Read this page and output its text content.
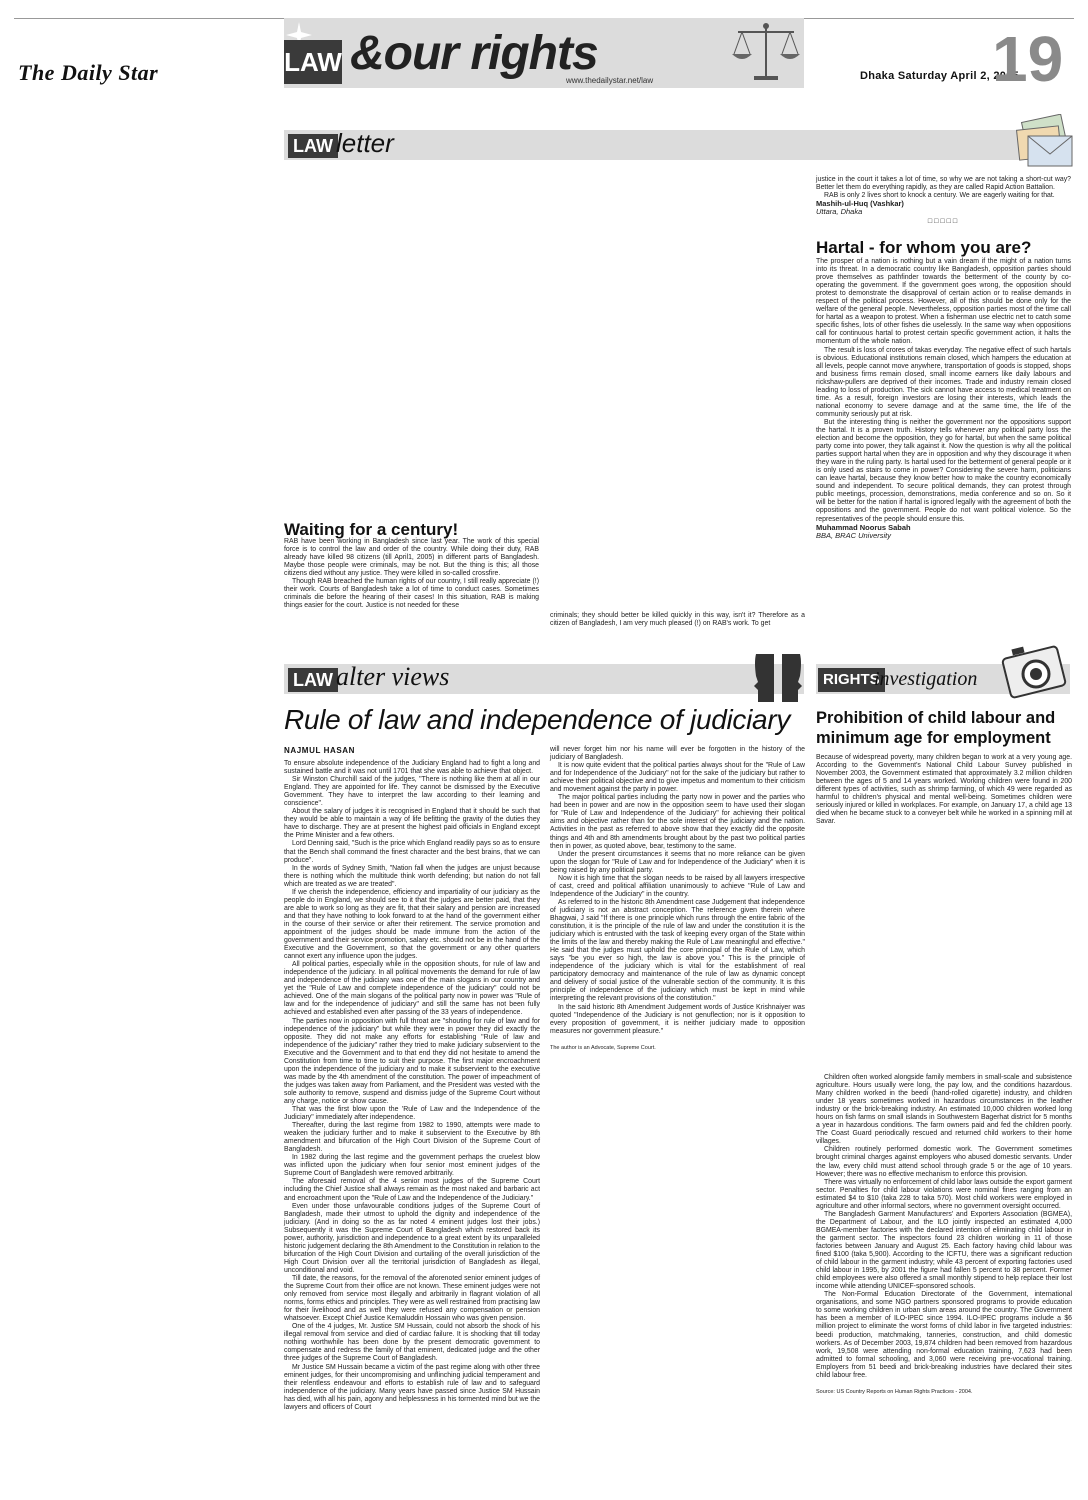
The Daily Star	LAW &our rights
www.thedailystar.net/law	Dhaka Saturday April 2, 2005
19
LAW letter
Waiting for a century!

RAB have been working in Bangladesh since last year. The work of this special force is to control the law and order of the country. While doing their duty, RAB already have killed 98 citizens (till April1, 2005) in different parts of Bangladesh. Maybe those people were criminals, may be not. But the thing is this; all those citizens died without any justice. They were killed in so-called crossfire.

Though RAB breached the human rights of our country, I still really appreciate (!) their work. Courts of Bangladesh take a lot of time to conduct cases. Sometimes criminals die before the hearing of their cases! In this situation, RAB is making things easier for the court. Justice is not needed for these

criminals; they should better be killed quickly in this way, isn't it? Therefore as a citizen of Bangladesh, I am very much pleased (!) on RAB's work. To get

justice in the court it takes a lot of time, so why we are not taking a short-cut way? Better let them do everything rapidly, as they are called Rapid Action Battalion.

RAB is only 2 lives short to knock a century. We are eagerly waiting for that.

Mashih-ul-Huq (Vashkar)
Uttara, Dhaka
□□□□□
Hartal - for whom you are?

The prosper of a nation is nothing but a vain dream if the might of a nation turns into its threat. In a democratic country like Bangladesh, opposition parties should prove themselves as pathfinder towards the betterment of the county by co-operating the government. If the government goes wrong, the opposition should protest to demonstrate the disapproval of certain action or to realise demands in respect of the political process. However, all of this should be done only for the welfare of the general people. Nevertheless, opposition parties most of the time call for hartal as a weapon to protest. When a fisherman use electric net to catch some specific fishes, lots of other fishes die uselessly. In the same way when oppositions call for continuous hartal to protest certain specific government action, it halts the momentum of the whole nation.

The result is loss of crores of takas everyday. The negative effect of such hartals is obvious. Educational institutions remain closed, which hampers the education at all levels, people cannot move anywhere, transportation of goods is stopped, shops and business firms remain closed, small income earners like daily labours and rickshaw-pullers are deprived of their incomes. Trade and industry remain closed leading to loss of production. The sick cannot have access to medical treatment on time. As a result, foreign investors are losing their interests, which leads the national economy to severe damage and at the same time, the life of the community seriously put at risk.

But the interesting thing is neither the government nor the oppositions support the hartal. It is a proven truth. History tells whenever any political party loss the election and become the opposition, they go for hartal, but when the same political party come into power, they talk against it. Now the question is why all the political parties support hartal when they are in opposition and why they discourage it when they ware in the ruling party. Is hartal used for the betterment of general people or it is only used as stairs to come in power? Considering the severe harm, politicians can leave hartal, because they know better how to make the country economically sound and independent. To secure political demands, they can protest through public meetings, procession, demonstrations, media conference and so on. So it will be better for the nation if hartal is ignored legally with the agreement of both the oppositions and the government. People do not want political violence. So the representatives of the people should ensure this.

Muhammad Noorus Sabah
BBA, BRAC University
LAW alter views
Rule of law and independence of judiciary
NAJMUL HASAN

To ensure absolute independence of the Judiciary England had to fight a long and sustained battle and it was not until 1701 that she was able to achieve that object.

Sir Winston Churchill said of the judges, "There is nothing like them at all in our England. They are appointed for life. They cannot be dismissed by the Executive Government. They have to interpret the law according to their learning and conscience".

About the salary of judges it is recognised in England that it should be such that they would be able to maintain a way of life befitting the gravity of the duties they have to discharge. They are at present the highest paid officials in England except the Prime Minister and a few others.

Lord Denning said, "Such is the price which England readily pays so as to ensure that the Bench shall command the finest character and the best brains, that we can produce".

In the words of Sydney Smith, "Nation fall when the judges are unjust because there is nothing which the multitude think worth defending; but nation do not fall which are treated as we are treated".

If we cherish the independence, efficiency and impartiality of our judiciary as the people do in England, we should see to it that the judges are better paid, that they are able to work so long as they are fit, that their salary and pension are increased and that they have nothing to look forward to at the hand of the government either in the course of their service or after their retirement. The service promotion and appointment of the judges should be made immune from the action of the government and their service promotion, salary etc. should not be in the hand of the Executive and the Government, so that the government or any other quarters cannot exert any influence upon the judges.

All political parties, especially while in the opposition shouts, for rule of law and independence of the judiciary. In all political movements the demand for rule of law and independence of the judiciary was one of the main slogans in our country and yet the "Rule of Law and complete independence of the judiciary" could not be achieved. One of the main slogans of the political party now in power was "Rule of law and for the independence of judiciary" and still the same has not been fully achieved and established even after passing of the 33 years of independence.

The parties now in opposition with full throat are "shouting for rule of law and for independence of the judiciary" but while they were in power they did exactly the opposite. They did not make any efforts for establishing "Rule of law and independence of the judiciary" rather they tried to make judiciary subservient to the Executive and the Government and to that end they did not hesitate to amend the Constitution from time to time to suit their purpose. The first major encroachment upon the independence of the judiciary and to make it subservient to the executive was made by the 4th amendment of the constitution. The power of impeachment of the judges was taken away from Parliament, and the President was vested with the sole authority to remove, suspend and dismiss judge of the Supreme Court without any charge, notice or show cause.

That was the first blow upon the 'Rule of Law and the Independence of the Judiciary" immediately after independence.

Thereafter, during the last regime from 1982 to 1990, attempts were made to weaken the judiciary further and to make it subservient to the Executive by 8th amendment and bifurcation of the High Court Division of the Supreme Court of Bangladesh.

In 1982 during the last regime and the government perhaps the cruelest blow was inflicted upon the judiciary when four senior most eminent judges of the Supreme Court of Bangladesh were removed arbitrarily.

The aforesaid removal of the 4 senior most judges of the Supreme Court including the Chief Justice shall always remain as the most naked and barbaric act and encroachment upon the "Rule of Law and the Independence of the Judiciary."

Even under those unfavourable conditions judges of the Supreme Court of Bangladesh, made their utmost to uphold the dignity and independence of the judiciary. (And in doing so the as far noted 4 eminent judges lost their jobs.) Subsequently it was the Supreme Court of Bangladesh which restored back its power, authority, jurisdiction and independence to a great extent by its unparalleled historic judgement declaring the 8th Amendment to the Constitution in relation to the bifurcation of the High Court Division and curtailing of the overall jurisdiction of the High Court Division over all the territorial jurisdiction of Bangladesh as illegal, unconditional and void.

Till date, the reasons, for the removal of the aforenoted senior eminent judges of the Supreme Court from their office are not known. These eminent judges were not only removed from service most illegally and arbitrarily in flagrant violation of all norms, forms ethics and principles. They were as well restrained from practising law for their livelihood and as well they were refused any compensation or pension whatsoever. Except Chief Justice Kemaluddin Hossain who was given pension.

One of the 4 judges, Mr. Justice SM Hussain, could not absorb the shock of his illegal removal from service and died of cardiac failure. It is shocking that till today nothing worthwhile has been done by the present democratic government to compensate and redress the family of that eminent, dedicated judge and the other three judges of the Supreme Court of Bangladesh.

Mr Justice SM Hussain became a victim of the past regime along with other three eminent judges, for their uncompromising and unflinching judicial temperament and their relentless endeavour and efforts to establish rule of law and to safeguard independence of the judiciary. Many years have passed since Justice SM Hussain has died, with all his pain, agony and helplessness in his tormented mind but we the lawyers and officers of Court

will never forget him nor his name will ever be forgotten in the history of the judiciary of Bangladesh.

It is now quite evident that the political parties always shout for the "Rule of Law and for Independence of the Judiciary" not for the sake of the judiciary but rather to achieve their political objective and to give impetus and momentum to their criticism and movement against the party in power.

The major political parties including the party now in power and the parties who had been in power and are now in the opposition seem to have used their slogan for "Rule of Law and Independence of the Judiciary" for achieving their political aims and objective rather than for the sole interest of the judiciary and the nation. Activities in the past as referred to above show that they exactly did the opposite things and 4th and 8th amendments brought about by the past two political parties then in power, as quoted above, bear, testimony to the same.

Under the present circumstances it seems that no more reliance can be given upon the slogan for "Rule of Law and for Independence of the Judiciary" when it is being raised by any political party.

Now it is high time that the slogan needs to be raised by all lawyers irrespective of cast, creed and political affiliation unanimously to achieve "Rule of Law and Independence of the Judiciary" in the country.

As referred to in the historic 8th Amendment case Judgement that independence of judiciary is not an abstract conception. The reference given therein where Bhagwai, J said "If there is one principle which runs through the entire fabric of the constitution, it is the principle of the rule of law and under the constitution it is the judiciary which is entrusted with the task of keeping every organ of the State within the limits of the law and thereby making the Rule of Law meaningful and effective." He said that the judges must uphold the core principal of the Rule of Law, which says "be you ever so high, the law is above you." This is the principle of independence of the judiciary which is vital for the establishment of real participatory democracy and maintenance of the rule of law as dynamic concept and delivery of social justice of the vulnerable section of the community. It is this principle of independence of the judiciary which must be kept in mind while interpreting the relevant provisions of the constitution."

In the said historic 8th Amendment Judgement words of Justice Krishnaiyer was quoted "Independence of the Judiciary is not genuflection; nor is it opposition to every proposition of government, it is neither judiciary made to opposition measures nor government pleasure."

The author is an Advocate, Supreme Court.
RIGHTS
investigation
Prohibition of child labour and minimum age for employment

Because of widespread poverty, many children began to work at a very young age. According to the Government's National Child Labour Survey published in November 2003, the Government estimated that approximately 3.2 million children between the ages of 5 and 14 years worked. Working children were found in 200 different types of activities, such as shrimp farming, of which 49 were regarded as harmful to children's physical and mental well-being. Sometimes children were seriously injured or killed in workplaces. For example, on January 17, a child age 13 died when he became stuck to a conveyer belt while he worked in a spinning mill at Savar.

Children often worked alongside family members in small-scale and subsistence agriculture. Hours usually were long, the pay low, and the conditions hazardous. Many children worked in the beedi (hand-rolled cigarette) industry, and children under 18 years sometimes worked in hazardous circumstances in the leather industry or the brick-breaking industry. An estimated 10,000 children worked long hours on fish farms on small islands in Southwestern Bagerhat district for 5 months a year in hazardous conditions. The farm owners paid and fed the children poorly. The Coast Guard periodically rescued and returned child workers to their home villages.

Children routinely performed domestic work. The Government sometimes brought criminal charges against employers who abused domestic servants. Under the law, every child must attend school through grade 5 or the age of 10 years. However; there was no effective mechanism to enforce this provision.

There was virtually no enforcement of child labor laws outside the export garment sector. Penalties for child labour violations were nominal fines ranging from an estimated $4 to $10 (taka 228 to taka 570). Most child workers were employed in agriculture and other informal sectors, where no government oversight occurred.

The Bangladesh Garment Manufacturers' and Exporters Association (BGMEA), the Department of Labour, and the ILO jointly inspected an estimated 4,000 BGMEA-member factories with the declared intention of eliminating child labour in the garment sector. The inspectors found 23 children working in 11 of those factories between January and August 25. Each factory having child labour was fined $100 (taka 5,900). According to the ICFTU, there was a significant reduction of child labour in the garment industry; while 43 percent of exporting factories used child labour in 1995, by 2001 the figure had fallen 5 percent to 38 percent. Former child employees were also offered a small monthly stipend to help replace their lost income while attending UNICEF-sponsored schools.

The Non-Formal Education Directorate of the Government, international organisations, and some NGO partners sponsored programs to provide education to some working children in urban slum areas around the country. The Government has been a member of ILO-IPEC since 1994. ILO-IPEC programs include a $6 million project to eliminate the worst forms of child labor in five targeted industries: beedi production, matchmaking, tanneries, construction, and child domestic workers. As of December 2003, 19,874 children had been removed from hazardous work, 19,508 were attending non-formal education training, 7,623 had been admitted to formal schooling, and 3,060 were receiving pre-vocational training. Employers from 51 beedi and brick-breaking industries have declared their sites child labour free.

Source: US Country Reports on Human Rights Practices - 2004.
